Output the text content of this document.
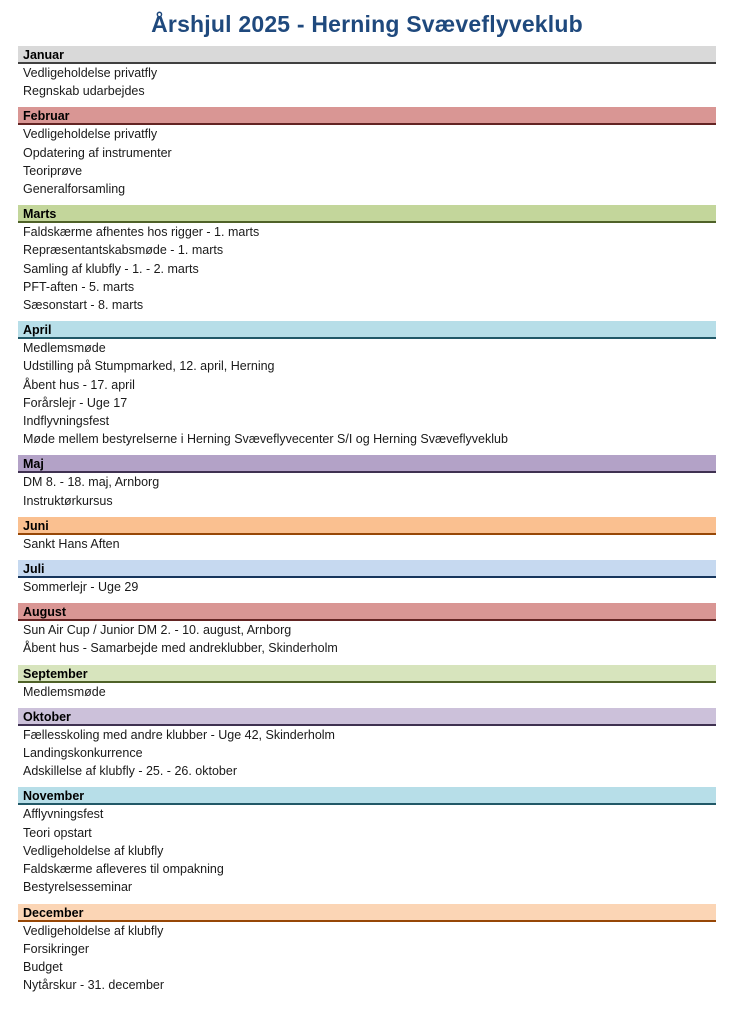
Årshjul 2025 - Herning Svæveflyveklub
Januar
Vedligeholdelse privatfly
Regnskab udarbejdes
Februar
Vedligeholdelse privatfly
Opdatering af instrumenter
Teoriprøve
Generalforsamling
Marts
Faldskærme afhentes hos rigger - 1. marts
Repræsentantskabsmøde - 1. marts
Samling af klubfly - 1. - 2. marts
PFT-aften - 5. marts
Sæsonstart - 8. marts
April
Medlemsmøde
Udstilling på Stumpmarked, 12. april, Herning
Åbent hus - 17. april
Forårslejr - Uge 17
Indflyvningsfest
Møde mellem bestyrelserne i Herning Svæveflyvecenter S/I og Herning Svæveflyveklub
Maj
DM 8. - 18. maj, Arnborg
Instruktørkursus
Juni
Sankt Hans Aften
Juli
Sommerlejr - Uge 29
August
Sun Air Cup / Junior DM 2. - 10. august, Arnborg
Åbent hus - Samarbejde med andreklubber, Skinderholm
September
Medlemsmøde
Oktober
Fællesskoling med andre klubber - Uge 42, Skinderholm
Landingskonkurrence
Adskillelse af klubfly - 25. - 26. oktober
November
Afflyvningsfest
Teori opstart
Vedligeholdelse af klubfly
Faldskærme afleveres til ompakning
Bestyrelsesseminar
December
Vedligeholdelse af klubfly
Forsikringer
Budget
Nytårskur - 31. december
